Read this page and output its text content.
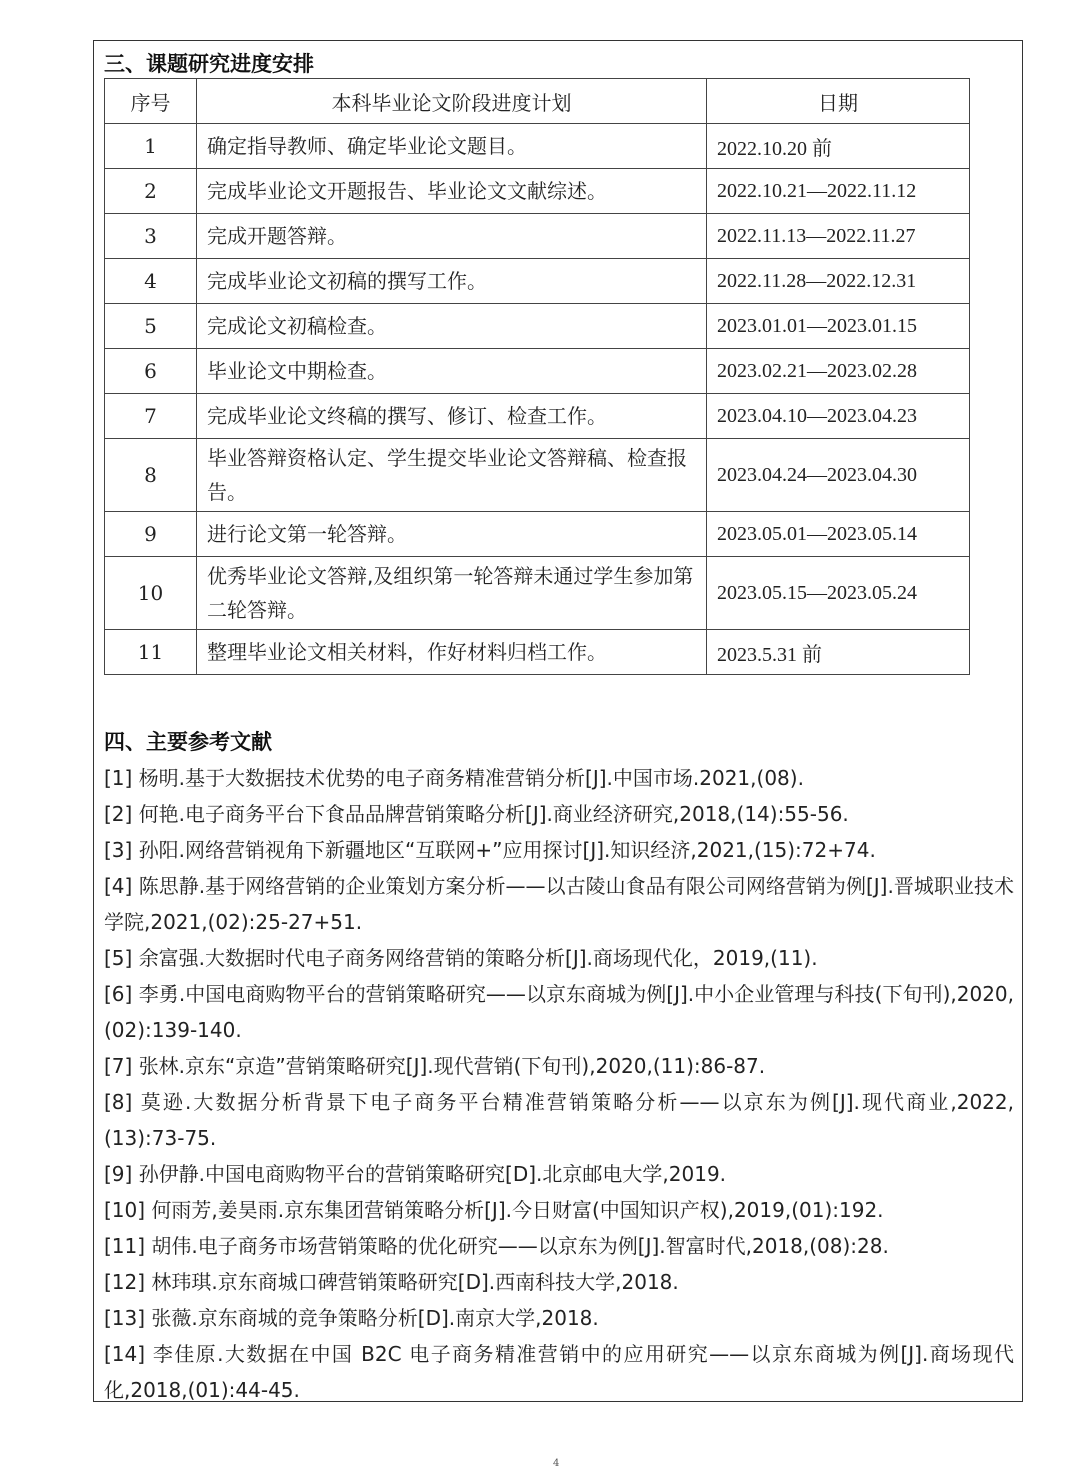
三、课题研究进度安排
序号	本科毕业论文阶段进度计划	日期
1	确定指导教师、确定毕业论文题目。	2022.10.20 前
2	完成毕业论文开题报告、毕业论文文献综述。	2022.10.21—2022.11.12
3	完成开题答辩。	2022.11.13—2022.11.27
4	完成毕业论文初稿的撰写工作。	2022.11.28—2022.12.31
5	完成论文初稿检查。	2023.01.01—2023.01.15
6	毕业论文中期检查。	2023.02.21—2023.02.28
7	完成毕业论文终稿的撰写、修订、检查工作。	2023.04.10—2023.04.23
8	毕业答辩资格认定、学生提交毕业论文答辩稿、检查报告。	2023.04.24—2023.04.30
9	进行论文第一轮答辩。	2023.05.01—2023.05.14
10	优秀毕业论文答辩,及组织第一轮答辩未通过学生参加第二轮答辩。	2023.05.15—2023.05.24
11	整理毕业论文相关材料，作好材料归档工作。	2023.5.31 前
四、主要参考文献

[1] 杨明.基于大数据技术优势的电子商务精准营销分析[J].中国市场.2021,(08).

[2] 何艳.电子商务平台下食品品牌营销策略分析[J].商业经济研究,2018,(14):55-56.

[3] 孙阳.网络营销视角下新疆地区“互联网+”应用探讨[J].知识经济,2021,(15):72+74.

[4] 陈思静.基于网络营销的企业策划方案分析——以古陵山食品有限公司网络营销为例[J].晋城职业技术学院,2021,(02):25-27+51.

[5] 余富强.大数据时代电子商务网络营销的策略分析[J].商场现代化，2019,(11).

[6] 李勇.中国电商购物平台的营销策略研究——以京东商城为例[J].中小企业管理与科技(下旬刊),2020,(02):139-140.

[7] 张林.京东“京造”营销策略研究[J].现代营销(下旬刊),2020,(11):86-87.

[8] 莫逊.大数据分析背景下电子商务平台精准营销策略分析——以京东为例[J].现代商业,2022,(13):73-75.

[9] 孙伊静.中国电商购物平台的营销策略研究[D].北京邮电大学,2019.

[10] 何雨芳,姜昊雨.京东集团营销策略分析[J].今日财富(中国知识产权),2019,(01):192.

[11] 胡伟.电子商务市场营销策略的优化研究——以京东为例[J].智富时代,2018,(08):28.

[12] 林玮琪.京东商城口碑营销策略研究[D].西南科技大学,2018.

[13] 张薇.京东商城的竞争策略分析[D].南京大学,2018.

[14] 李佳原.大数据在中国 B2C 电子商务精准营销中的应用研究——以京东商城为例[J].商场现代化,2018,(01):44-45.

4
